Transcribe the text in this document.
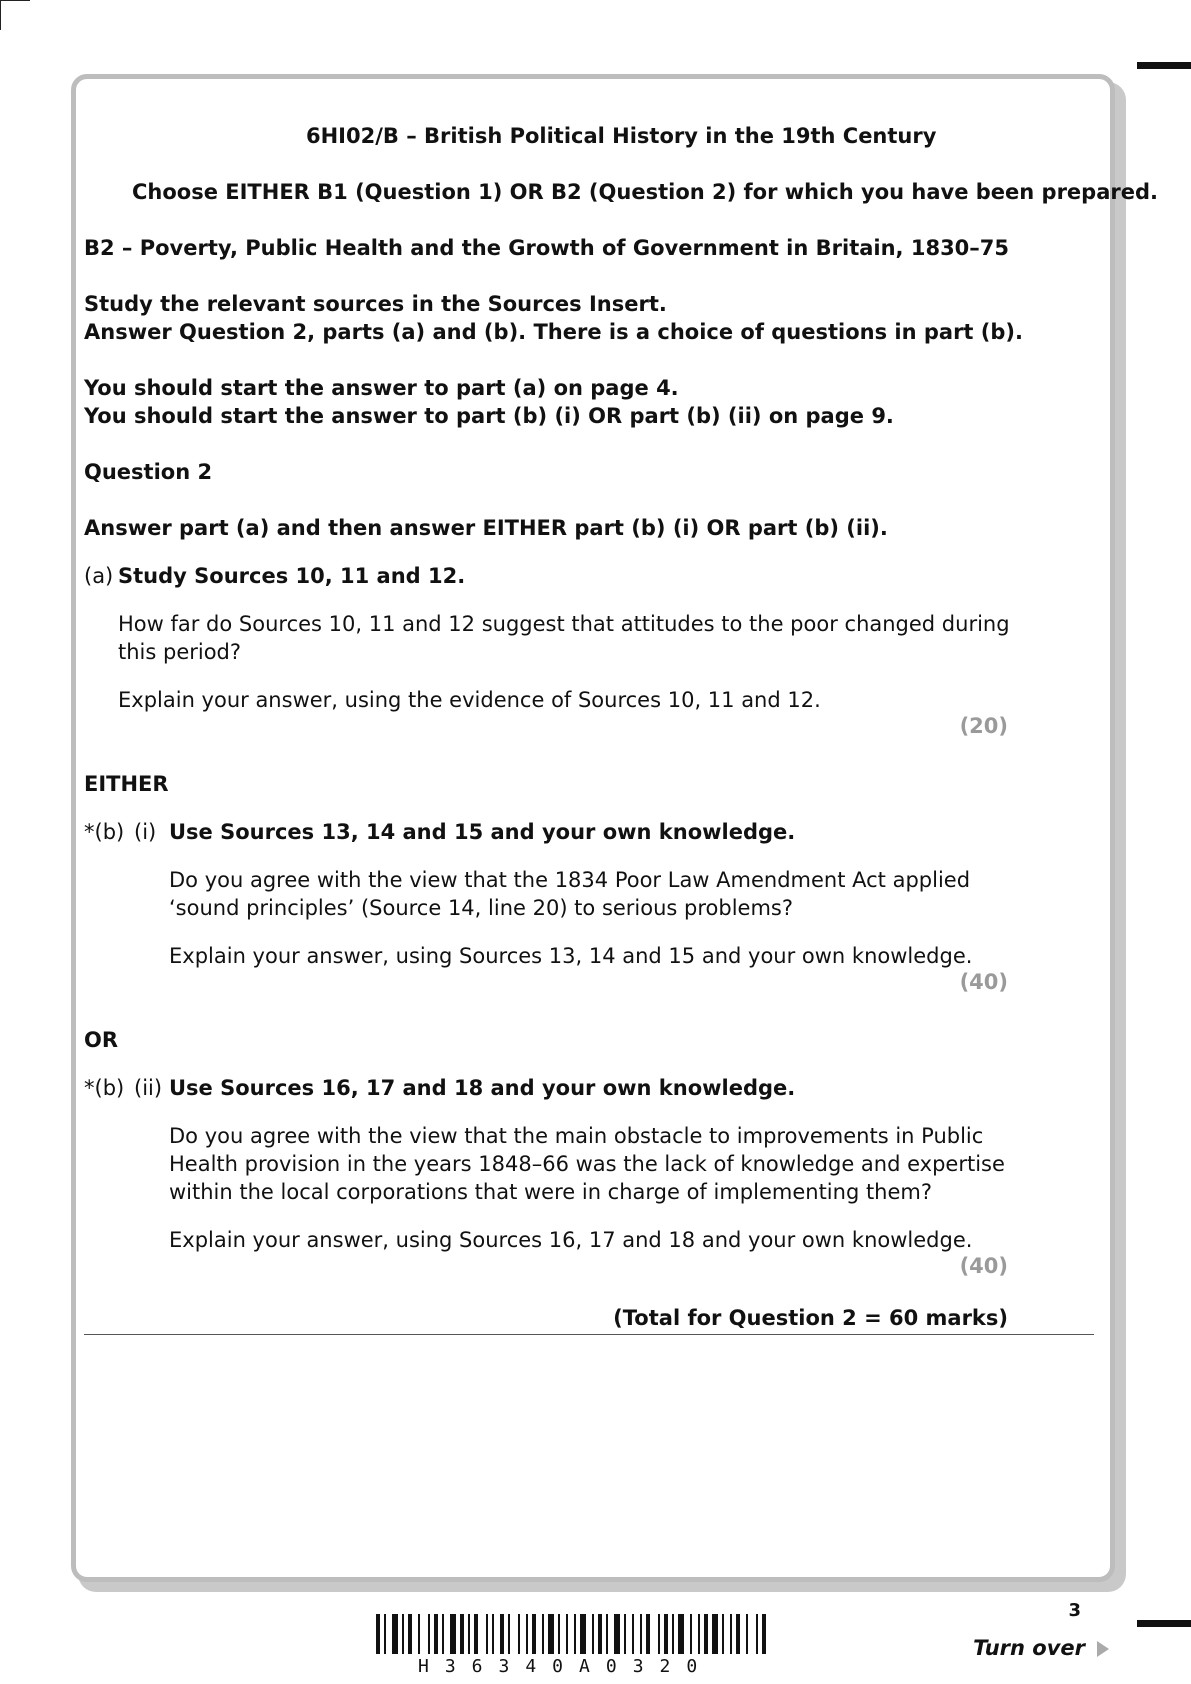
6HI02/B – British Political History in the 19th Century
Choose EITHER B1 (Question 1) OR B2 (Question 2) for which you have been prepared.
B2 – Poverty, Public Health and the Growth of Government in Britain, 1830–75
Study the relevant sources in the Sources Insert.
Answer Question 2, parts (a) and (b). There is a choice of questions in part (b).
You should start the answer to part (a) on page 4.
You should start the answer to part (b) (i) OR part (b) (ii) on page 9.
Question 2
Answer part (a) and then answer EITHER part (b) (i) OR part (b) (ii).
(a) Study Sources 10, 11 and 12.
How far do Sources 10, 11 and 12 suggest that attitudes to the poor changed during
this period?
Explain your answer, using the evidence of Sources 10, 11 and 12.
(20)
EITHER
*(b) (i) Use Sources 13, 14 and 15 and your own knowledge.
Do you agree with the view that the 1834 Poor Law Amendment Act applied
‘sound principles’ (Source 14, line 20) to serious problems?
Explain your answer, using Sources 13, 14 and 15 and your own knowledge.
(40)
OR
*(b) (ii) Use Sources 16, 17 and 18 and your own knowledge.
Do you agree with the view that the main obstacle to improvements in Public
Health provision in the years 1848–66 was the lack of knowledge and expertise
within the local corporations that were in charge of implementing them?
Explain your answer, using Sources 16, 17 and 18 and your own knowledge.
(40)
(Total for Question 2 = 60 marks)
H36340A0320
3
Turn over
